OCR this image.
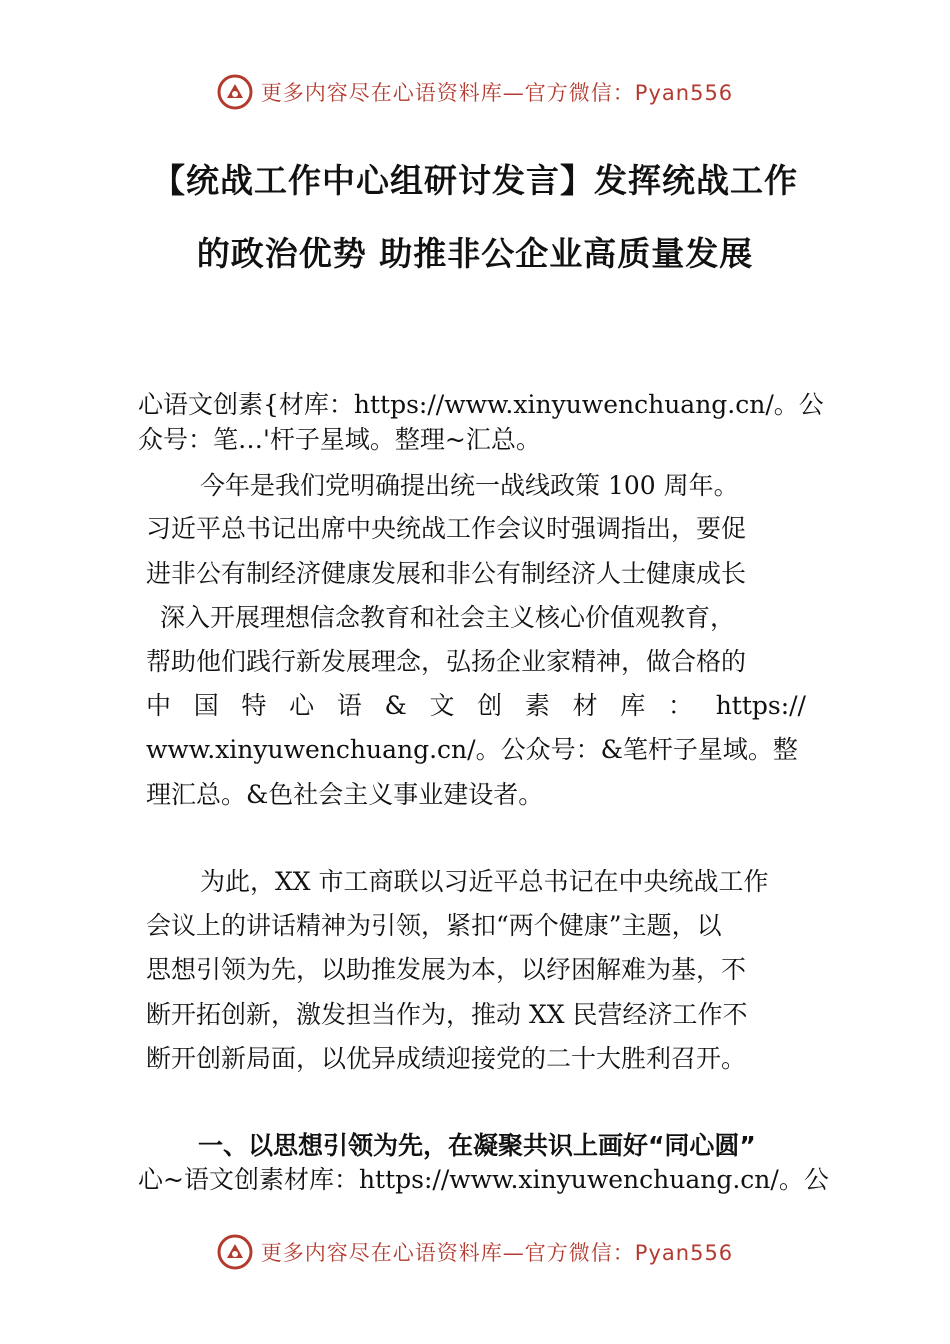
更多内容尽在心语资料库—官方微信：Pyan556
【统战工作中心组研讨发言】发挥统战工作
的政治优势 助推非公企业高质量发展
心语文创素{材库：https://www.xinyuwenchuang.cn/。公
众号：笔…'杆子星域。整理~汇总。
今年是我们党明确提出统一战线政策 100 周年。
习近平总书记出席中央统战工作会议时强调指出，要促
进非公有制经济健康发展和非公有制经济人士健康成长
深入开展理想信念教育和社会主义核心价值观教育，
帮助他们践行新发展理念，弘扬企业家精神，做合格的
中 国 特 心 语 & 文 创 素 材 库 ： https://
www.xinyuwenchuang.cn/。公众号：&笔杆子星域。整
理汇总。&色社会主义事业建设者。
为此，XX 市工商联以习近平总书记在中央统战工作
会议上的讲话精神为引领，紧扣“两个健康”主题，以
思想引领为先，以助推发展为本，以纾困解难为基，不
断开拓创新，激发担当作为，推动 XX 民营经济工作不
断开创新局面，以优异成绩迎接党的二十大胜利召开。
一、以思想引领为先，在凝聚共识上画好“同心圆”
心~语文创素材库：https://www.xinyuwenchuang.cn/。公
更多内容尽在心语资料库—官方微信：Pyan556
